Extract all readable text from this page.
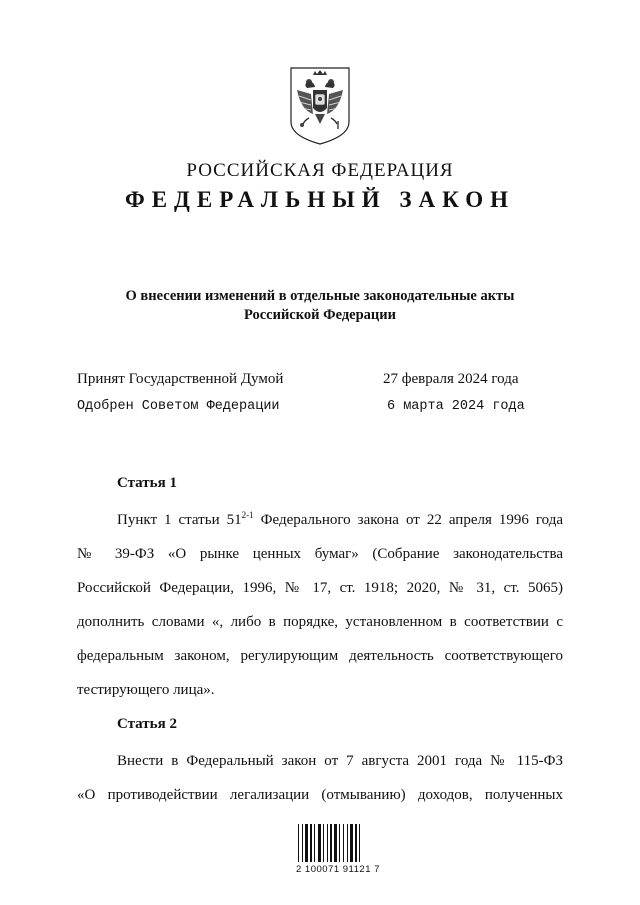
РОССИЙСКАЯ ФЕДЕРАЦИЯ
ФЕДЕРАЛЬНЫЙ ЗАКОН
О внесении изменений в отдельные законодательные акты
Российской Федерации
Принят Государственной Думой	27 февраля 2024 года
Одобрен Советом Федерации	6 марта 2024 года
Статья 1
Пункт 1 статьи 51$^{2-1}$ Федерального закона от 22 апреля 1996 года
№ 39-ФЗ «О рынке ценных бумаг» (Собрание законодательства
Российской Федерации, 1996, № 17, ст. 1918; 2020, № 31, ст. 5065)
дополнить словами «, либо в порядке, установленном в соответствии с
федеральным законом, регулирующим деятельность соответствующего
тестирующего лица».
Статья 2
Внести в Федеральный закон от 7 августа 2001 года № 115-ФЗ
«О противодействии легализации (отмыванию) доходов, полученных
2 100071 91121 7
